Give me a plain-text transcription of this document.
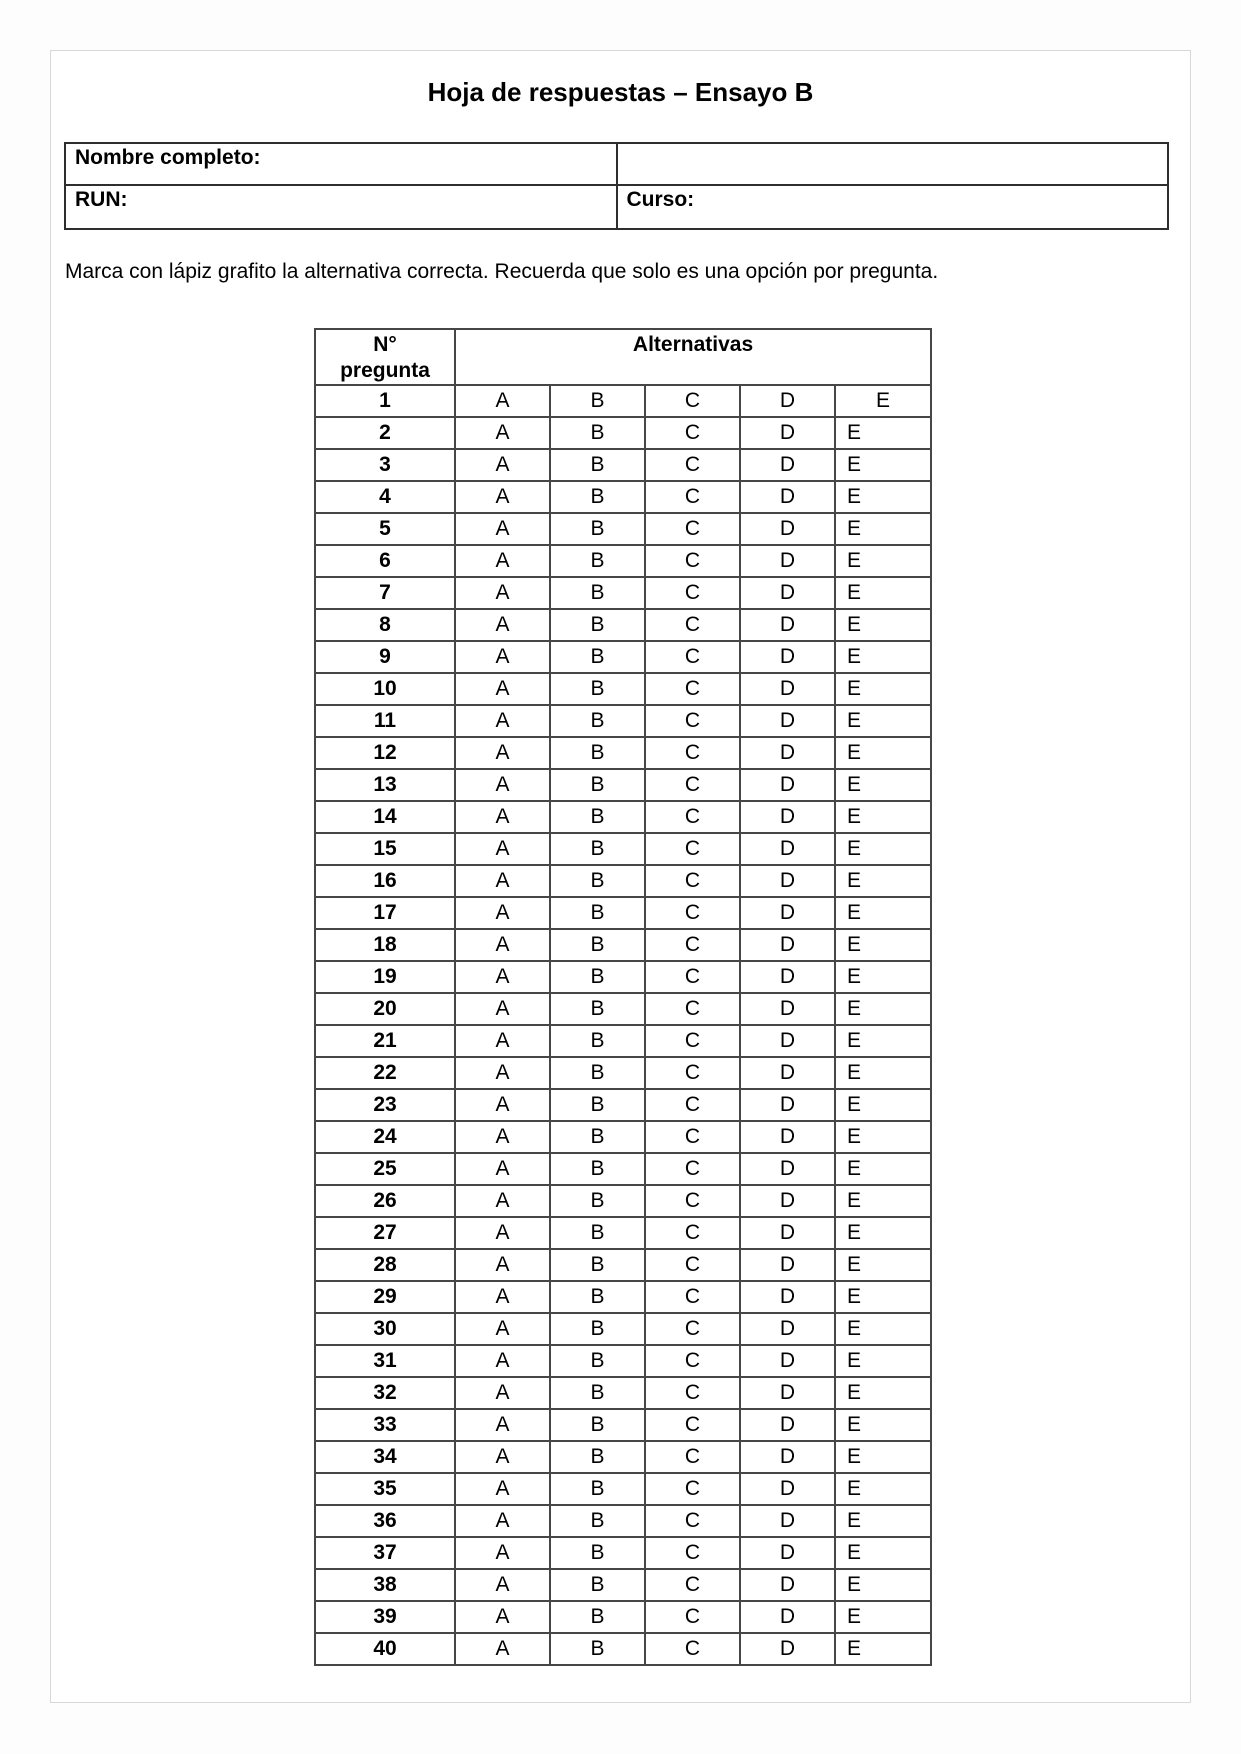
Hoja de respuestas – Ensayo B
Nombre completo:	
RUN:	Curso:
Marca con lápiz grafito la alternativa correcta. Recuerda que solo es una opción por pregunta.
N°
pregunta	Alternativas				
1	A	B	C	D	E
2	A	B	C	D	E
3	A	B	C	D	E
4	A	B	C	D	E
5	A	B	C	D	E
6	A	B	C	D	E
7	A	B	C	D	E
8	A	B	C	D	E
9	A	B	C	D	E
10	A	B	C	D	E
11	A	B	C	D	E
12	A	B	C	D	E
13	A	B	C	D	E
14	A	B	C	D	E
15	A	B	C	D	E
16	A	B	C	D	E
17	A	B	C	D	E
18	A	B	C	D	E
19	A	B	C	D	E
20	A	B	C	D	E
21	A	B	C	D	E
22	A	B	C	D	E
23	A	B	C	D	E
24	A	B	C	D	E
25	A	B	C	D	E
26	A	B	C	D	E
27	A	B	C	D	E
28	A	B	C	D	E
29	A	B	C	D	E
30	A	B	C	D	E
31	A	B	C	D	E
32	A	B	C	D	E
33	A	B	C	D	E
34	A	B	C	D	E
35	A	B	C	D	E
36	A	B	C	D	E
37	A	B	C	D	E
38	A	B	C	D	E
39	A	B	C	D	E
40	A	B	C	D	E
